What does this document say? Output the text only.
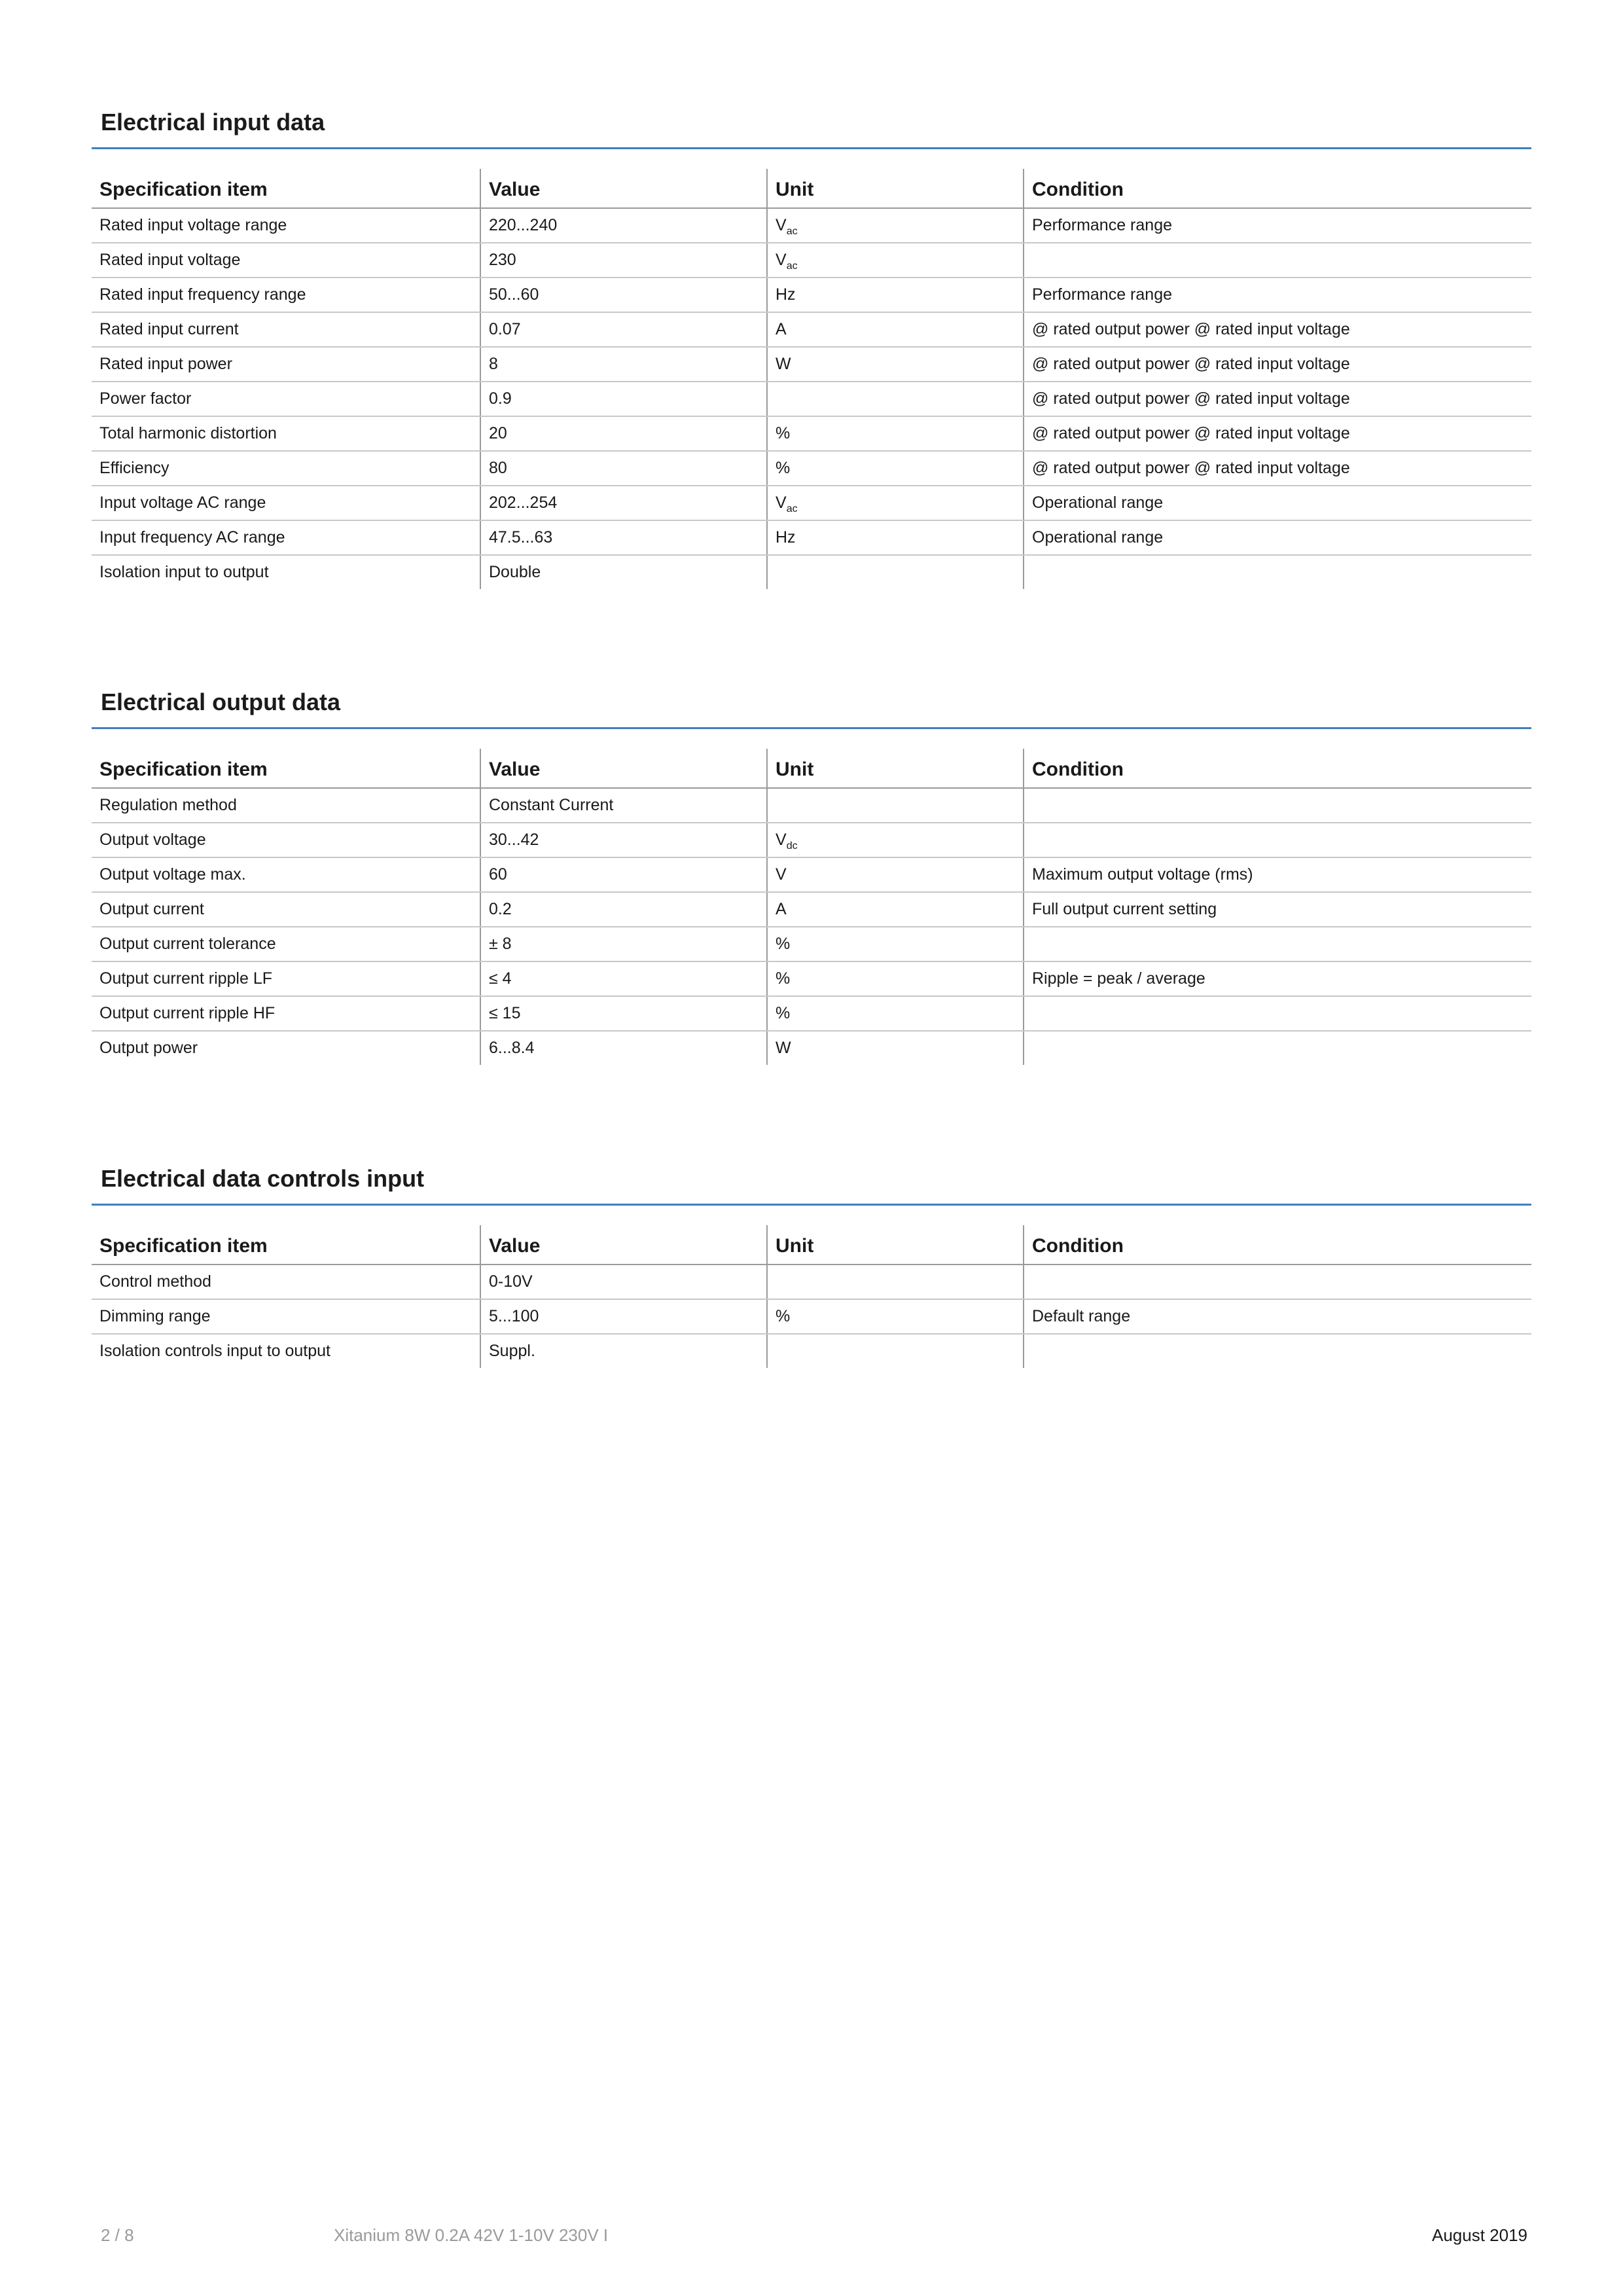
Electrical input data
Specification item	Value	Unit	Condition
Rated input voltage range	220...240	$V_{ac}$	Performance range
Rated input voltage	230	$V_{ac}$	
Rated input frequency range	50...60	Hz	Performance range
Rated input current	0.07	A	@ rated output power @ rated input voltage
Rated input power	8	W	@ rated output power @ rated input voltage
Power factor	0.9		@ rated output power @ rated input voltage
Total harmonic distortion	20	%	@ rated output power @ rated input voltage
Efficiency	80	%	@ rated output power @ rated input voltage
Input voltage AC range	202...254	$V_{ac}$	Operational range
Input frequency AC range	47.5...63	Hz	Operational range
Isolation input to output	Double		
Electrical output data
Specification item	Value	Unit	Condition
Regulation method	Constant Current		
Output voltage	30...42	$V_{dc}$	
Output voltage max.	60	V	Maximum output voltage (rms)
Output current	0.2	A	Full output current setting
Output current tolerance	± 8	%	
Output current ripple LF	≤ 4	%	Ripple = peak / average
Output current ripple HF	≤ 15	%	
Output power	6...8.4	W	
Electrical data controls input
Specification item	Value	Unit	Condition
Control method	0-10V		
Dimming range	5...100	%	Default range
Isolation controls input to output	Suppl.		
2 / 8	Xitanium 8W 0.2A 42V 1-10V 230V I	August 2019
